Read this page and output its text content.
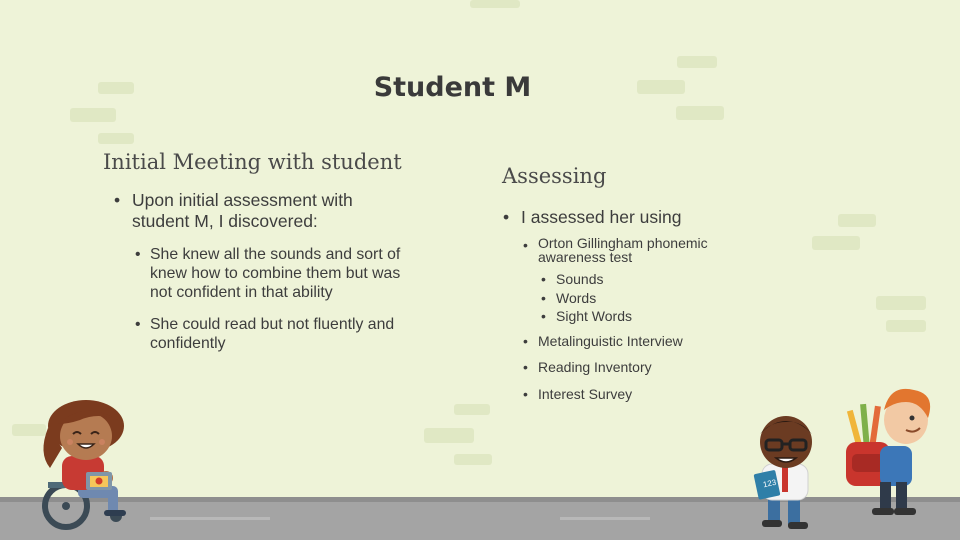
Student M
Initial Meeting with student
• Upon initial assessment with
student M, I discovered:
• She knew all the sounds and sort of
knew how to combine them but was
not confident in that ability
• She could read but not fluently and
confidently
Assessing
• I assessed her using
• Orton Gillingham phonemic
awareness test
• Sounds
• Words
• Sight Words
• Metalinguistic Interview
• Reading Inventory
• Interest Survey
123
